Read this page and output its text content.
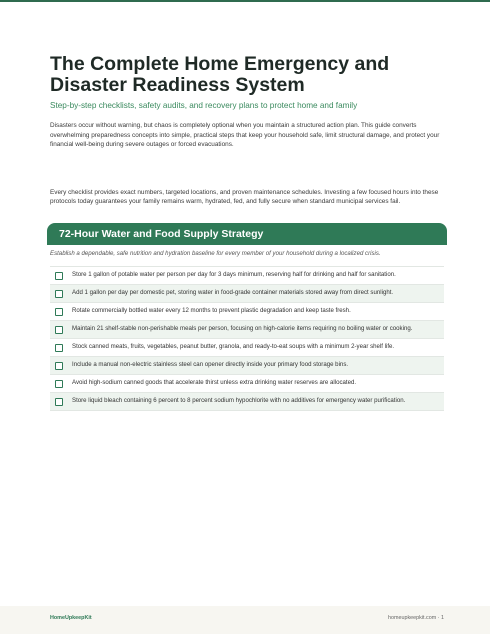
The Complete Home Emergency and Disaster Readiness System
Step-by-step checklists, safety audits, and recovery plans to protect home and family

Disasters occur without warning, but chaos is completely optional when you maintain a structured action plan. This guide converts overwhelming preparedness concepts into simple, practical steps that keep your household safe, limit structural damage, and protect your financial well-being during severe outages or forced evacuations.

Every checklist provides exact numbers, targeted locations, and proven maintenance schedules. Investing a few focused hours into these protocols today guarantees your family remains warm, hydrated, fed, and fully secure when standard municipal services fail.

72-Hour Water and Food Supply Strategy
Establish a dependable, safe nutrition and hydration baseline for every member of your household during a localized crisis.
Store 1 gallon of potable water per person per day for 3 days minimum, reserving half for drinking and half for sanitation.
Add 1 gallon per day per domestic pet, storing water in food-grade container materials stored away from direct sunlight.
Rotate commercially bottled water every 12 months to prevent plastic degradation and keep taste fresh.
Maintain 21 shelf-stable non-perishable meals per person, focusing on high-calorie items requiring no boiling water or cooking.
Stock canned meats, fruits, vegetables, peanut butter, granola, and ready-to-eat soups with a minimum 2-year shelf life.
Include a manual non-electric stainless steel can opener directly inside your primary food storage bins.
Avoid high-sodium canned goods that accelerate thirst unless extra drinking water reserves are allocated.
Store liquid bleach containing 6 percent to 8 percent sodium hypochlorite with no additives for emergency water purification.
HomeUpkeepKit	homeupkeepkit.com · 1
